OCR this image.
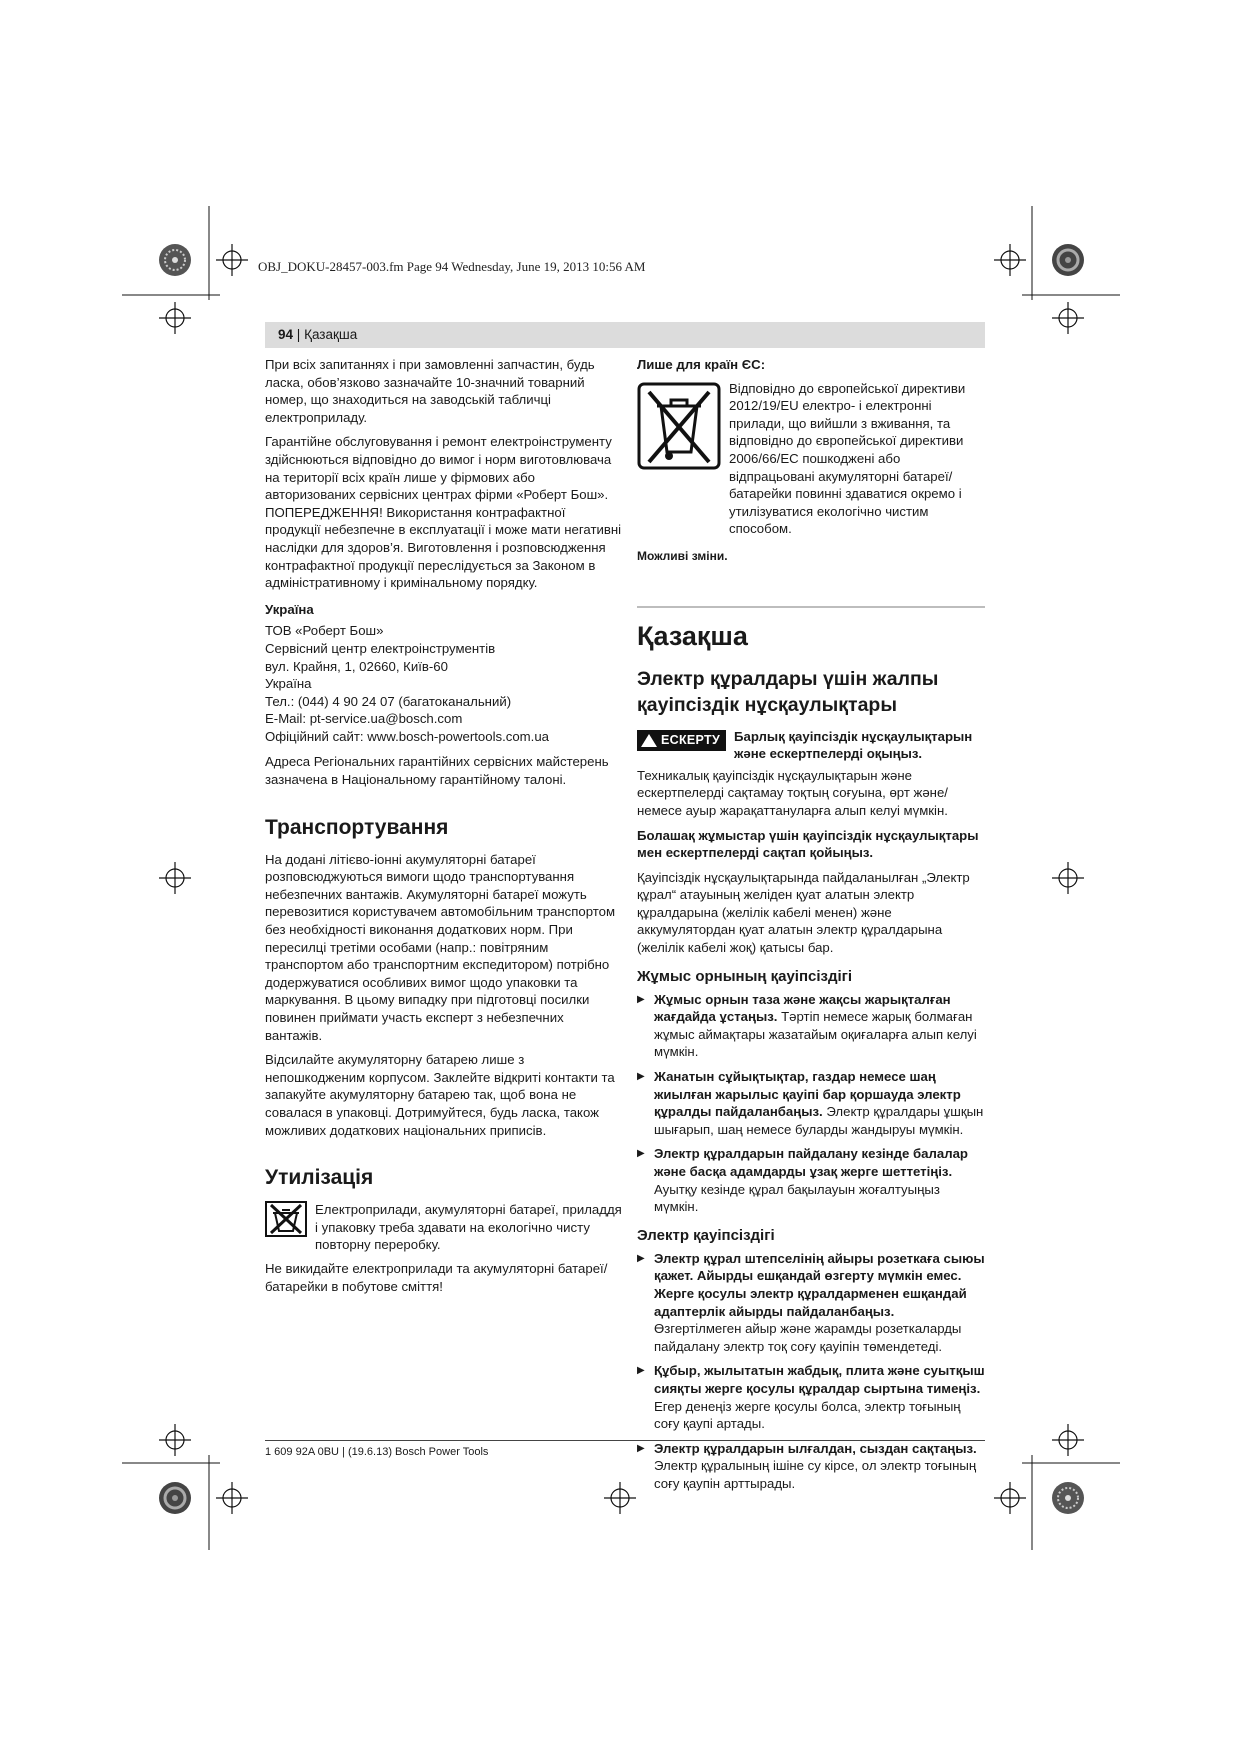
OBJ_DOKU-28457-003.fm Page 94 Wednesday, June 19, 2013 10:56 AM
94 | Қазақша

При всіх запитаннях і при замовленні запчастин, будь ласка, обов’язково зазначайте 10-значний товарний номер, що знаходиться на заводській табличці електроприладу.

Гарантійне обслуговування і ремонт електроінструменту здійснюються відповідно до вимог і норм виготовлювача на території всіх країн лише у фірмових або авторизованих сервісних центрах фірми «Роберт Бош». ПОПЕРЕДЖЕННЯ! Використання контрафактної продукції небезпечне в експлуатації і може мати негативні наслідки для здоров’я. Виготовлення і розповсюдження контрафактної продукції переслідується за Законом в адміністративному і кримінальному порядку.

Україна
ТОВ «Роберт Бош»
Сервісний центр електроінструментів
вул. Крайня, 1, 02660, Київ-60
Україна
Тел.: (044) 4 90 24 07 (багатоканальний)
E-Mail: pt-service.ua@bosch.com
Офіційний сайт: www.bosch-powertools.com.ua

Адреса Регіональних гарантійних сервісних майстерень зазначена в Національному гарантійному талоні.

Транспортування

На додані літієво-іонні акумуляторні батареї розповсюджуються вимоги щодо транспортування небезпечних вантажів. Акумуляторні батареї можуть перевозитися користувачем автомобільним транспортом без необхідності виконання додаткових норм. При пересилці третіми особами (напр.: повітряним транспортом або транспортним експедитором) потрібно додержуватися особливих вимог щодо упаковки та маркування. В цьому випадку при підготовці посилки повинен приймати участь експерт з небезпечних вантажів.

Відсилайте акумуляторну батарею лише з непошкодженим корпусом. Заклейте відкриті контакти та запакуйте акумуляторну батарею так, щоб вона не совалася в упаковці. Дотримуйтеся, будь ласка, також можливих додаткових національних приписів.

Утилізація
Електроприлади, акумуляторні батареї, приладдя і упаковку треба здавати на екологічно чисту повторну переробку.

Не викидайте електроприлади та акумуляторні батареї/ батарейки в побутове сміття!

Лише для країн ЄС:
Відповідно до європейської директиви 2012/19/EU електро- і електронні прилади, що вийшли з вживання, та відповідно до європейської директиви 2006/66/EC пошкоджені або відпрацьовані акумуляторні батареї/батарейки повинні здаватися окремо і утилізуватися екологічно чистим способом.
Можливі зміни.
Қазақша
Электр құралдары үшін жалпы қауіпсіздік нұсқаулықтары
ЕСКЕРТУ Барлық қауіпсіздік нұсқаулықтарын және ескертпелерді оқыңыз.

Техникалық қауіпсіздік нұсқаулықтарын және ескертпелерді сақтамау тоқтың соғуына, өрт және/немесе ауыр жарақаттануларға алып келуі мүмкін.

Болашақ жұмыстар үшін қауіпсіздік нұсқаулықтары мен ескертпелерді сақтап қойыңыз.

Қауіпсіздік нұсқаулықтарында пайдаланылған „Электр құрал“ атауының желіден қуат алатын электр құралдарына (желілік кабелі менен) және аккумулятордан қуат алатын электр құралдарына (желілік кабелі жоқ) қатысы бар.

Жұмыс орнының қауіпсіздігі
▶ Жұмыс орнын таза және жақсы жарықталған жағдайда ұстаңыз. Тәртіп немесе жарық болмаған жұмыс аймақтары жазатайым оқиғаларға алып келуі мүмкін.
▶ Жанатын сұйықтықтар, газдар немесе шаң жиылған жарылыс қауіпі бар қоршауда электр құралды пайдаланбаңыз. Электр құралдары ұшқын шығарып, шаң немесе буларды жандыруы мүмкін.
▶ Электр құралдарын пайдалану кезінде балалар және басқа адамдарды ұзақ жерге шеттетіңіз. Ауытқу кезінде құрал бақылауын жоғалтуыңыз мүмкін.
Электр қауіпсіздігі
▶ Электр құрал штепселінің айыры розеткаға сыюы қажет. Айырды ешқандай өзгерту мүмкін емес. Жерге қосулы электр құралдарменен ешқандай адаптерлік айырды пайдаланбаңыз. Өзгертілмеген айыр және жарамды розеткаларды пайдалану электр тоқ соғу қауіпін төмендетеді.
▶ Құбыр, жылытатын жабдық, плита және суытқыш сияқты жерге қосулы құралдар сыртына тимеңіз. Егер денеңіз жерге қосулы болса, электр тоғының соғу қаупі артады.
▶ Электр құралдарын ылғалдан, сыздан сақтаңыз. Электр құралының ішіне су кірсе, ол электр тоғының соғу қаупін арттырады.
1 609 92A 0BU | (19.6.13) Bosch Power Tools
